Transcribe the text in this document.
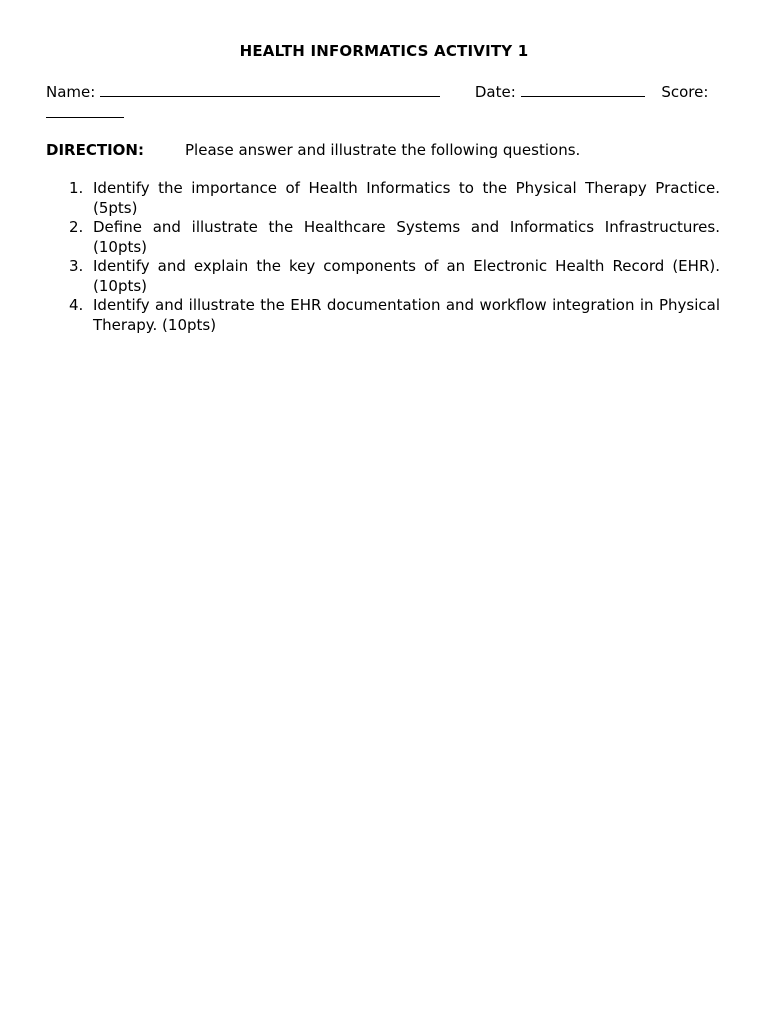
HEALTH INFORMATICS ACTIVITY 1
Name:	Date:	Score:

DIRECTION:	Please answer and illustrate the following questions.
1. Identify the importance of Health Informatics to the Physical Therapy Practice. (5pts)
2. Define and illustrate the Healthcare Systems and Informatics Infrastructures. (10pts)
3. Identify and explain the key components of an Electronic Health Record (EHR). (10pts)
4. Identify and illustrate the EHR documentation and workflow integration in Physical Therapy. (10pts)
